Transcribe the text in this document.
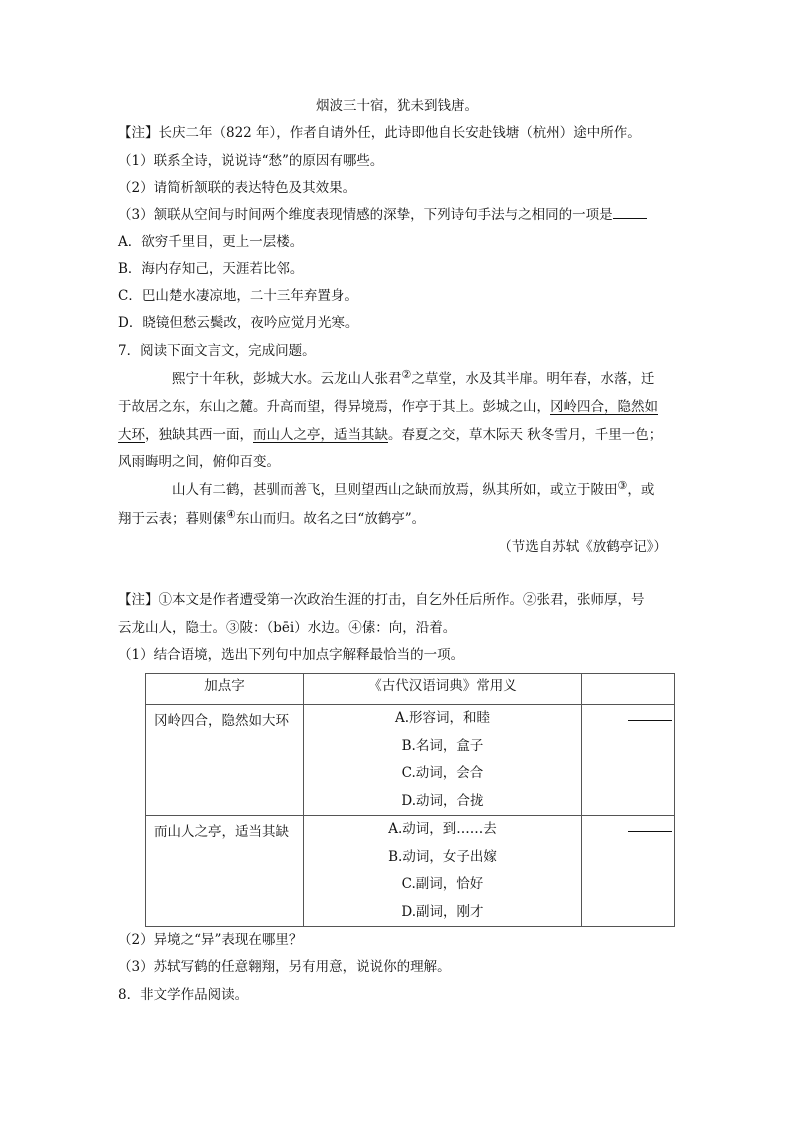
烟波三十宿，犹未到钱唐。
【注】长庆二年（822 年），作者自请外任，此诗即他自长安赴钱塘（杭州）途中所作。
（1）联系全诗，说说诗“愁”的原因有哪些。
（2）请简析颔联的表达特色及其效果。
（3）颔联从空间与时间两个维度表现情感的深挚，下列诗句手法与之相同的一项是
A．欲穷千里目，更上一层楼。
B．海内存知己，天涯若比邻。
C．巴山楚水凄凉地，二十三年弃置身。
D．晓镜但愁云鬓改，夜吟应觉月光寒。
7．阅读下面文言文，完成问题。
熙宁十年秋，彭城大水。云龙山人张君②之草堂，水及其半扉。明年春，水落，迁
于故居之东，东山之麓。升高而望，得异境焉，作亭于其上。彭城之山，冈岭四合，隐然如
大环，独缺其西一面，而山人之亭，适当其缺。春夏之交，草木际天 秋冬雪月，千里一色；
风雨晦明之间，俯仰百变。
山人有二鹤，甚驯而善飞，旦则望西山之缺而放焉，纵其所如，或立于陂田③，或
翔于云表；暮则傃④东山而归。故名之曰“放鹤亭”。
（节选自苏轼《放鹤亭记》）
【注】①本文是作者遭受第一次政治生涯的打击，自乞外任后所作。②张君，张师厚，号
云龙山人，隐士。③陂：（bēi）水边。④傃：向，沿着。
（1）结合语境，选出下列句中加点字解释最恰当的一项。
加点字	《古代汉语词典》常用义	
冈岭四合，隐然如大环	A.形容词，和睦
B.名词，盒子
C.动词，会合
D.动词，合拢	

而山人之亭，适当其缺	A.动词，到……去
B.动词，女子出嫁
C.副词，恰好
D.副词，刚才	

（2）异境之“异”表现在哪里？
（3）苏轼写鹤的任意翱翔，另有用意，说说你的理解。
8．非文学作品阅读。
